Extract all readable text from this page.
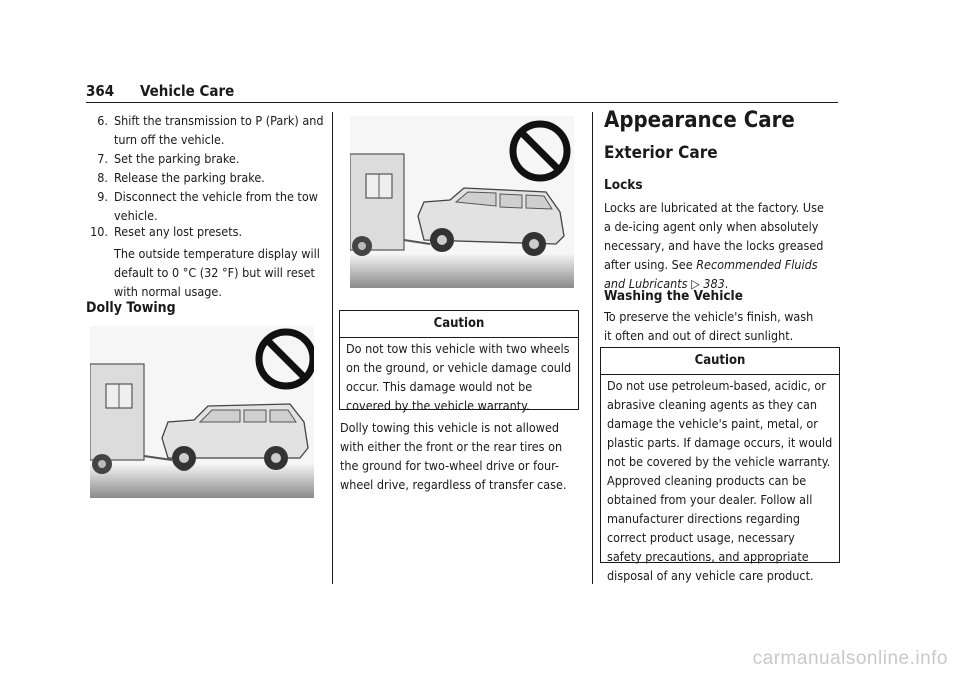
364 Vehicle Care
6. Shift the transmission to P (Park) and turn off the vehicle.
7. Set the parking brake.
8. Release the parking brake.
9. Disconnect the vehicle from the tow vehicle.
10. Reset any lost presets.

The outside temperature display will default to 0 °C (32 °F) but will reset with normal usage.

Dolly Towing
Caution
Do not tow this vehicle with two wheels on the ground, or vehicle damage could occur. This damage would not be covered by the vehicle warranty.

Dolly towing this vehicle is not allowed with either the front or the rear tires on the ground for two-wheel drive or four-wheel drive, regardless of transfer case.

Appearance Care
Exterior Care
Locks

Locks are lubricated at the factory. Use a de-icing agent only when absolutely necessary, and have the locks greased after using. See Recommended Fluids and Lubricants ▷ 383.

Washing the Vehicle

To preserve the vehicle's finish, wash it often and out of direct sunlight.

Caution
Do not use petroleum-based, acidic, or abrasive cleaning agents as they can damage the vehicle's paint, metal, or plastic parts. If damage occurs, it would not be covered by the vehicle warranty. Approved cleaning products can be obtained from your dealer. Follow all manufacturer directions regarding correct product usage, necessary safety precautions, and appropriate disposal of any vehicle care product.
carmanualsonline.info
